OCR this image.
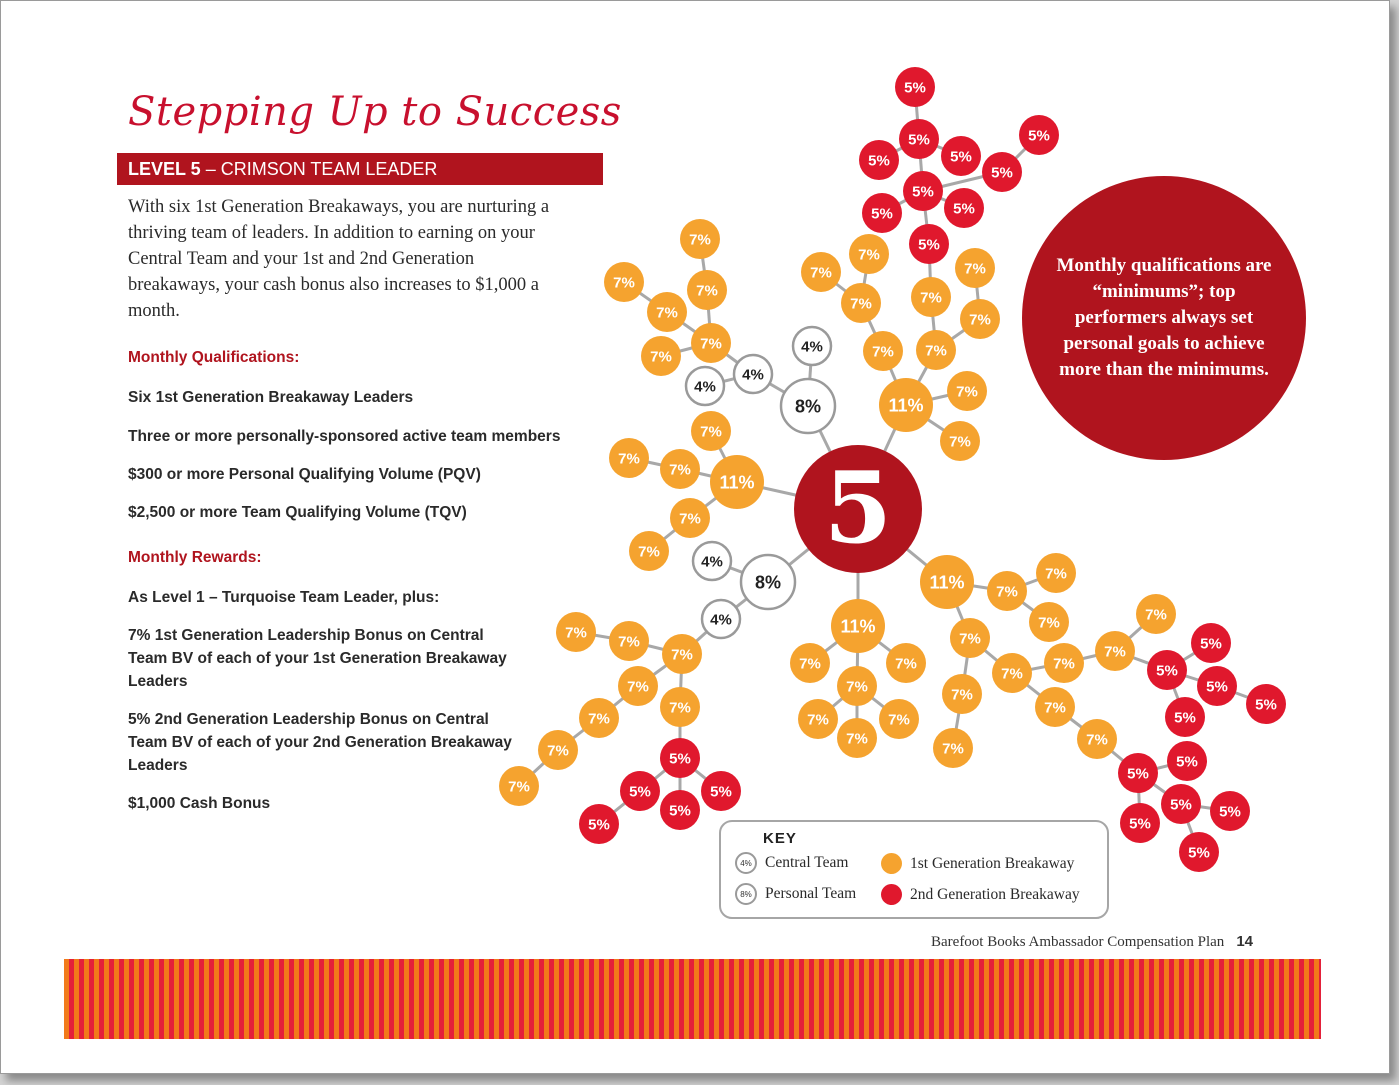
Stepping Up to Success
LEVEL 5 – CRIMSON TEAM LEADER

With six 1st Generation Breakaways, you are nurturing a thriving team of leaders. In addition to earning on your Central Team and your 1st and 2nd Generation breakaways, your cash bonus also increases to $1,000 a month.

Monthly Qualifications:

Six 1st Generation Breakaway Leaders

Three or more personally-sponsored active team members

$300 or more Personal Qualifying Volume (PQV)

$2,500 or more Team Qualifying Volume (TQV)

Monthly Rewards:

As Level 1 – Turquoise Team Leader, plus:

7% 1st Generation Leadership Bonus on Central Team BV of each of your 1st Generation Breakaway Leaders

5% 2nd Generation Leadership Bonus on Central Team BV of each of your 2nd Generation Breakaway Leaders

$1,000 Cash Bonus

5
8%
4%
4%
4%
7%
7%	7%
7%
7%
7%
11%
7%
7%
7%
7%
7%
8%
4%
4%
7%
7%
7%
7%
7%
7%
7%
7%
5%
5%	5%
5%
5%
11%
7%
7%
7%
7%
7%
7%
7%
7%
7%
7%
5%
5%
5%
5%
5%
5%
5%
5%
5%
5%
11%
7%	7%
7%
7%	7%
7%
11% 7%
7%
7%
7%
7%
7%
7%
7%
7%
7%
7%
7%
5%
5%
5%
5%
5%
5%
5%
5% 5%
5%
5%

Monthly qualifications are “minimums”; top performers always set personal goals to achieve more than the minimums.

KEY

4% Central Team
8% Personal Team
1st Generation Breakaway
2nd Generation Breakaway
Barefoot Books Ambassador Compensation Plan 14
